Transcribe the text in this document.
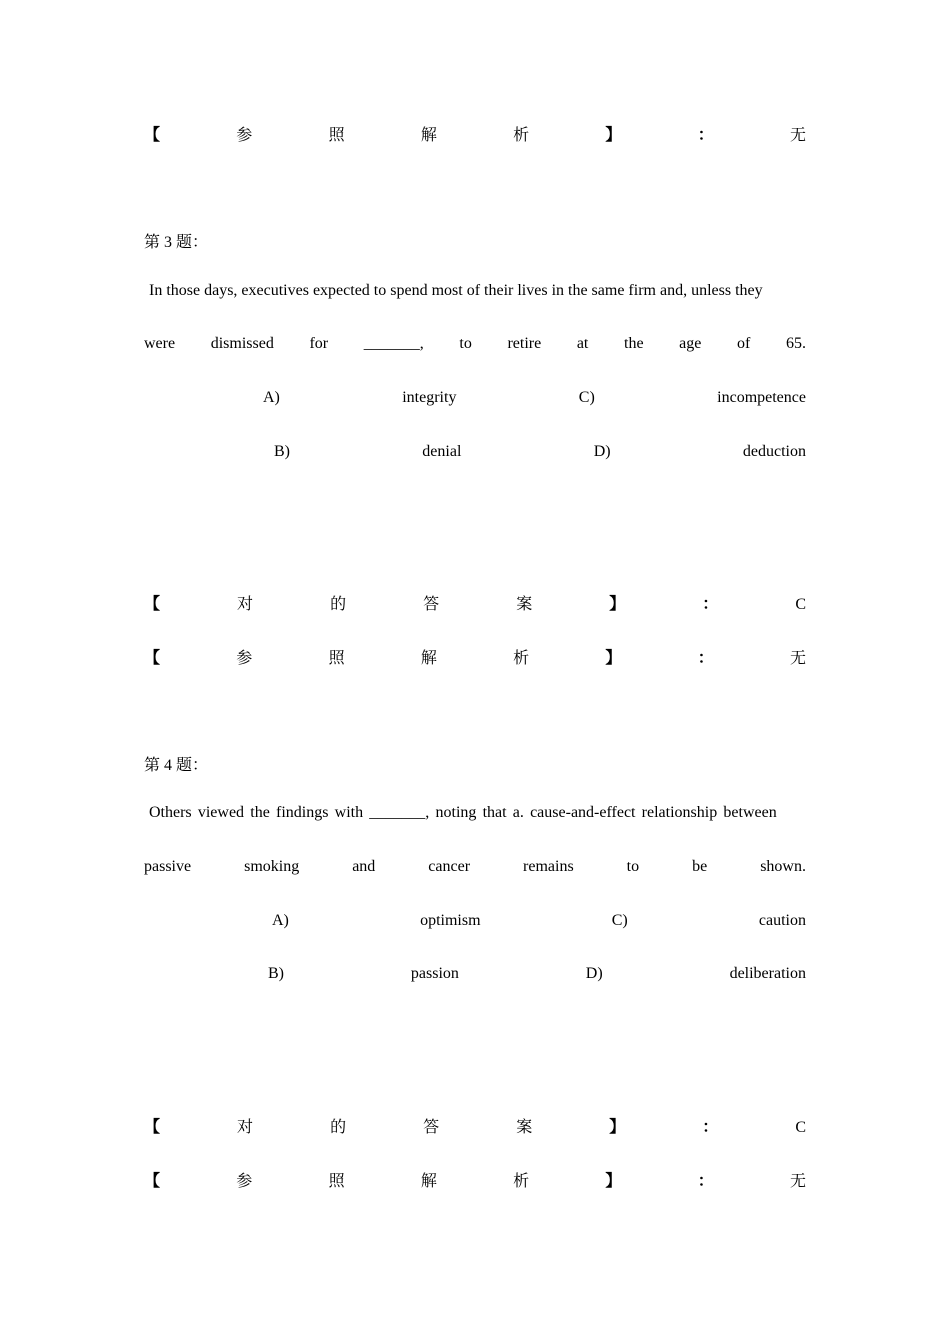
【	参	照	解	析	】	：	无
第 3 题：
In those days, executives expected to spend most of their lives in the same firm and, unless they
were dismissed for _______, to retire at the age of 65.
A)	integrity	C)	incompetence
B)	denial	D)	deduction
【	对	的	答	案	】	：	C
【	参	照	解	析	】	：	无
第 4 题：
Others viewed the findings with _______, noting that a. cause-and-effect relationship between
passive	smoking	and	cancer	remains	to	be	shown.
A)	optimism	C)	caution
B)	passion	D)	deliberation
【	对	的	答	案	】	：	C
【	参	照	解	析	】	：	无
